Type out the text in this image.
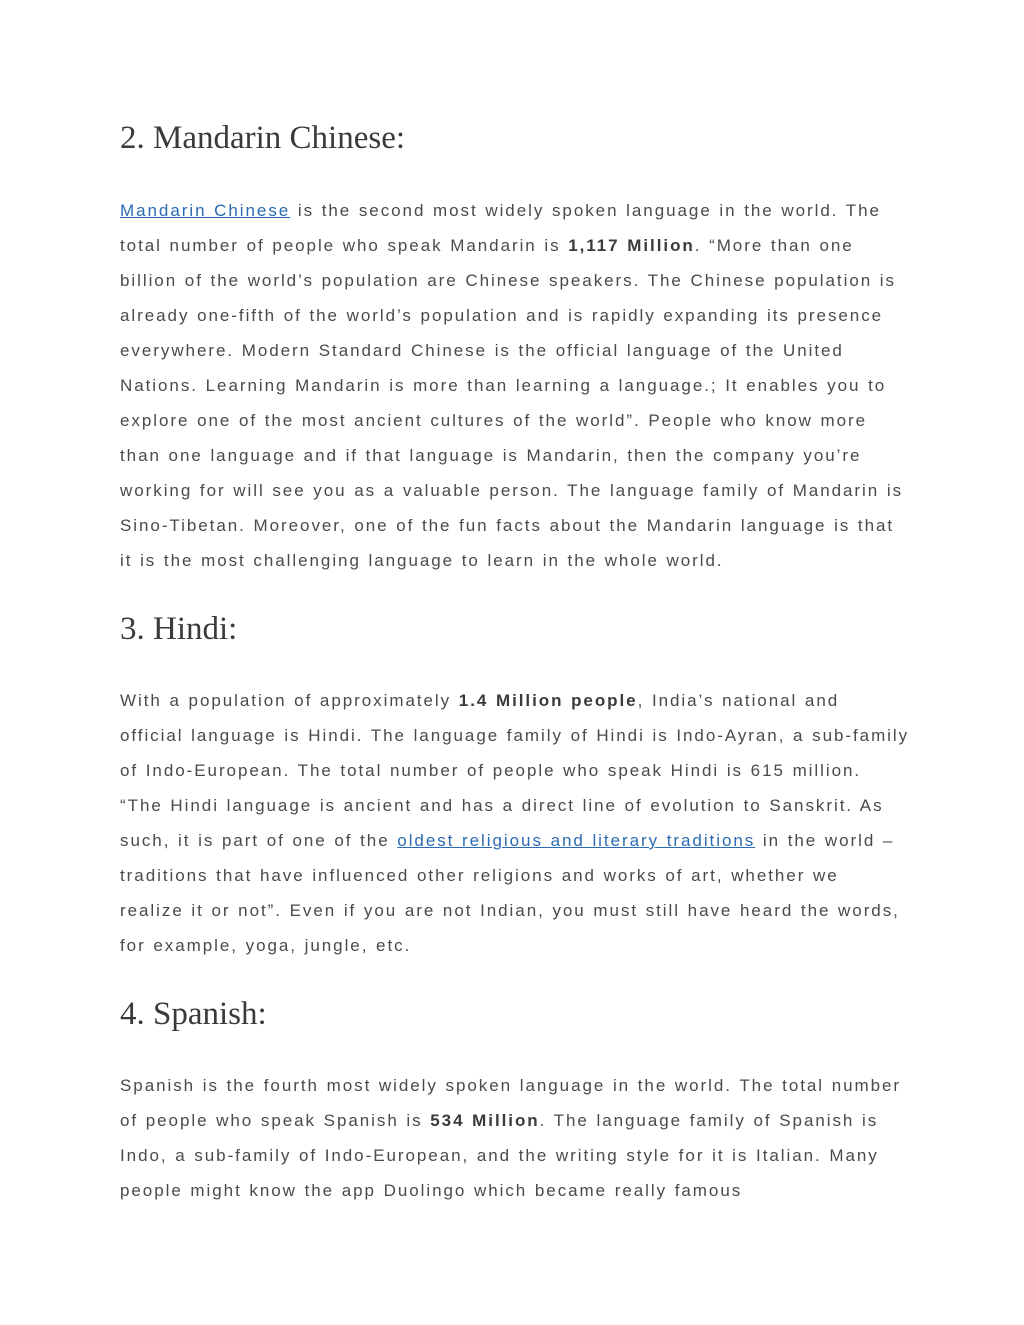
2. Mandarin Chinese:

Mandarin Chinese is the second most widely spoken language in the world. The total number of people who speak Mandarin is 1,117 Million. “More than one billion of the world’s population are Chinese speakers. The Chinese population is already one-fifth of the world’s population and is rapidly expanding its presence everywhere. Modern Standard Chinese is the official language of the United Nations. Learning Mandarin is more than learning a language.; It enables you to explore one of the most ancient cultures of the world”. People who know more than one language and if that language is Mandarin, then the company you’re working for will see you as a valuable person. The language family of Mandarin is Sino-Tibetan. Moreover, one of the fun facts about the Mandarin language is that it is the most challenging language to learn in the whole world.

3. Hindi:

With a population of approximately 1.4 Million people, India’s national and official language is Hindi. The language family of Hindi is Indo-Ayran, a sub-family of Indo-European. The total number of people who speak Hindi is 615 million. “The Hindi language is ancient and has a direct line of evolution to Sanskrit. As such, it is part of one of the oldest religious and literary traditions in the world – traditions that have influenced other religions and works of art, whether we realize it or not”. Even if you are not Indian, you must still have heard the words, for example, yoga, jungle, etc.

4. Spanish:

Spanish is the fourth most widely spoken language in the world. The total number of people who speak Spanish is 534 Million. The language family of Spanish is Indo, a sub-family of Indo-European, and the writing style for it is Italian. Many people might know the app Duolingo which became really famous
